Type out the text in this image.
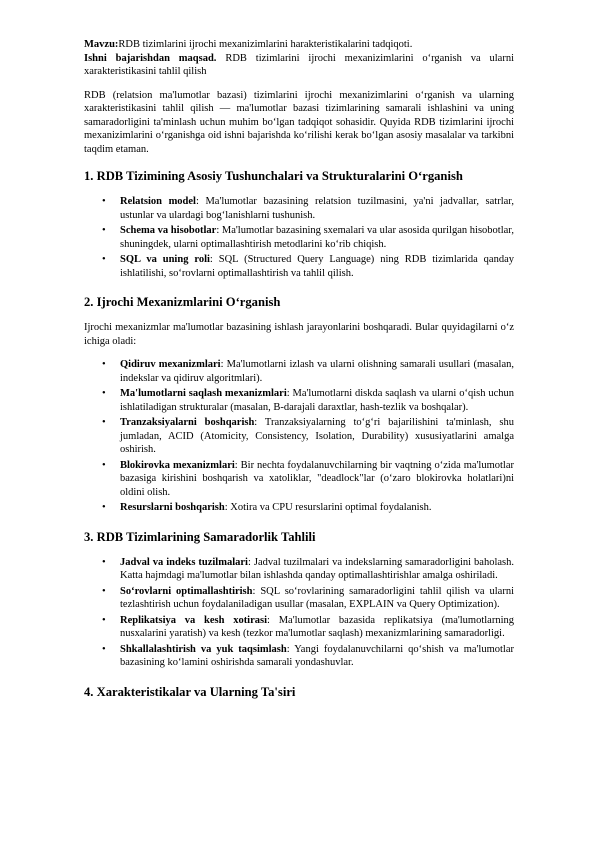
Mavzu:RDB tizimlarini ijrochi mexanizimlarini harakteristikalarini tadqiqoti.

Ishni bajarishdan maqsad. RDB tizimlarini ijrochi mexanizimlarini o‘rganish va ularni xarakteristikasini tahlil qilish

RDB (relatsion ma'lumotlar bazasi) tizimlarini ijrochi mexanizimlarini o‘rganish va ularning xarakteristikasini tahlil qilish — ma'lumotlar bazasi tizimlarining samarali ishlashini va uning samaradorligini ta'minlash uchun muhim bo‘lgan tadqiqot sohasidir. Quyida RDB tizimlarini ijrochi mexanizimlarini o‘rganishga oid ishni bajarishda ko‘rilishi kerak bo‘lgan asosiy masalalar va tarkibni taqdim etaman.

1. RDB Tizimining Asosiy Tushunchalari va Strukturalarini O‘rganish
• Relatsion model: Ma'lumotlar bazasining relatsion tuzilmasini, ya'ni jadvallar, satrlar, ustunlar va ulardagi bog‘lanishlarni tushunish.
• Schema va hisobotlar: Ma'lumotlar bazasining sxemalari va ular asosida qurilgan hisobotlar, shuningdek, ularni optimallashtirish metodlarini ko‘rib chiqish.
• SQL va uning roli: SQL (Structured Query Language) ning RDB tizimlarida qanday ishlatilishi, so‘rovlarni optimallashtirish va tahlil qilish.
2. Ijrochi Mexanizmlarini O‘rganish

Ijrochi mexanizmlar ma'lumotlar bazasining ishlash jarayonlarini boshqaradi. Bular quyidagilarni o‘z ichiga oladi:

• Qidiruv mexanizmlari: Ma'lumotlarni izlash va ularni olishning samarali usullari (masalan, indekslar va qidiruv algoritmlari).
• Ma'lumotlarni saqlash mexanizmlari: Ma'lumotlarni diskda saqlash va ularni o‘qish uchun ishlatiladigan strukturalar (masalan, B-darajali daraxtlar, hash-tezlik va boshqalar).
• Tranzaksiyalarni boshqarish: Tranzaksiyalarning to‘g‘ri bajarilishini ta'minlash, shu jumladan, ACID (Atomicity, Consistency, Isolation, Durability) xususiyatlarini amalga oshirish.
• Blokirovka mexanizmlari: Bir nechta foydalanuvchilarning bir vaqtning o‘zida ma'lumotlar bazasiga kirishini boshqarish va xatoliklar, "deadlock"lar (o‘zaro blokirovka holatlari)ni oldini olish.
• Resurslarni boshqarish: Xotira va CPU resurslarini optimal foydalanish.
3. RDB Tizimlarining Samaradorlik Tahlili
• Jadval va indeks tuzilmalari: Jadval tuzilmalari va indekslarning samaradorligini baholash. Katta hajmdagi ma'lumotlar bilan ishlashda qanday optimallashtirishlar amalga oshiriladi.
• So‘rovlarni optimallashtirish: SQL so‘rovlarining samaradorligini tahlil qilish va ularni tezlashtirish uchun foydalaniladigan usullar (masalan, EXPLAIN va Query Optimization).
• Replikatsiya va kesh xotirasi: Ma'lumotlar bazasida replikatsiya (ma'lumotlarning nusxalarini yaratish) va kesh (tezkor ma'lumotlar saqlash) mexanizmlarining samaradorligi.
• Shkallalashtirish va yuk taqsimlash: Yangi foydalanuvchilarni qo‘shish va ma'lumotlar bazasining ko‘lamini oshirishda samarali yondashuvlar.
4. Xarakteristikalar va Ularning Ta'siri
